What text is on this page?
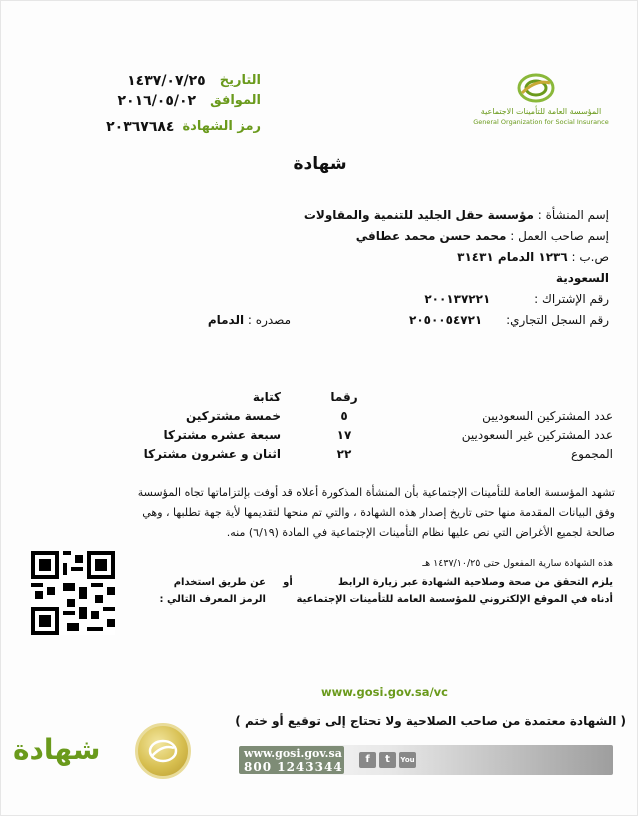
التاريخ
١٤٣٧/٠٧/٢٥
الموافق
٢٠١٦/٠٥/٠٢
رمز الشهادة
٢٠٣٦٧٦٨٤
المؤسسة العامة للتأمينات الاجتماعية
General Organization for Social Insurance
شهادة
إسم المنشأة : مؤسسة حقل الجليد للتنمية والمقاولات
إسم صاحب العمل : محمد حسن محمد عطافي
ص.ب : ١٢٣٦ الدمام ٣١٤٣١
السعودية
رقم الإشتراك : ٢٠٠١٣٧٢٢١
رقم السجل التجاري: ٢٠٥٠٠٥٤٧٢١
مصدره : الدمام
رقما
كتابة
عدد المشتركين السعوديين
٥
خمسة مشتركين
عدد المشتركين غير السعوديين
١٧
سبعة عشره مشتركا
المجموع
٢٢
اثنان و عشرون مشتركا
تشهد المؤسسة العامة للتأمينات الإجتماعية بأن المنشأة المذكورة أعلاه قد أوفت بإلتزاماتها تجاه المؤسسة
وفق البيانات المقدمة منها حتى تاريخ إصدار هذه الشهادة ، والتي تم منحها لتقديمها لأية جهة تطلبها ، وهي
صالحة لجميع الأغراض التي نص عليها نظام التأمينات الإجتماعية في المادة (٦/١٩) منه.
هذه الشهادة سارية المفعول حتى ١٤٣٧/١٠/٢٥ هـ
يلزم التحقق من صحة وصلاحية الشهادة عبر زيارة الرابط
أدناه في الموقع الإلكتروني للمؤسسة العامة للتأمينات الإجتماعية
أو
عن طريق استخدام
الرمز المعرف التالي :
www.gosi.gov.sa/vc
( الشهادة معتمدة من صاحب الصلاحية ولا تحتاج إلى توقيع أو ختم )
www.gosi.gov.sa
800 1243344
f	t	You
شهادة
